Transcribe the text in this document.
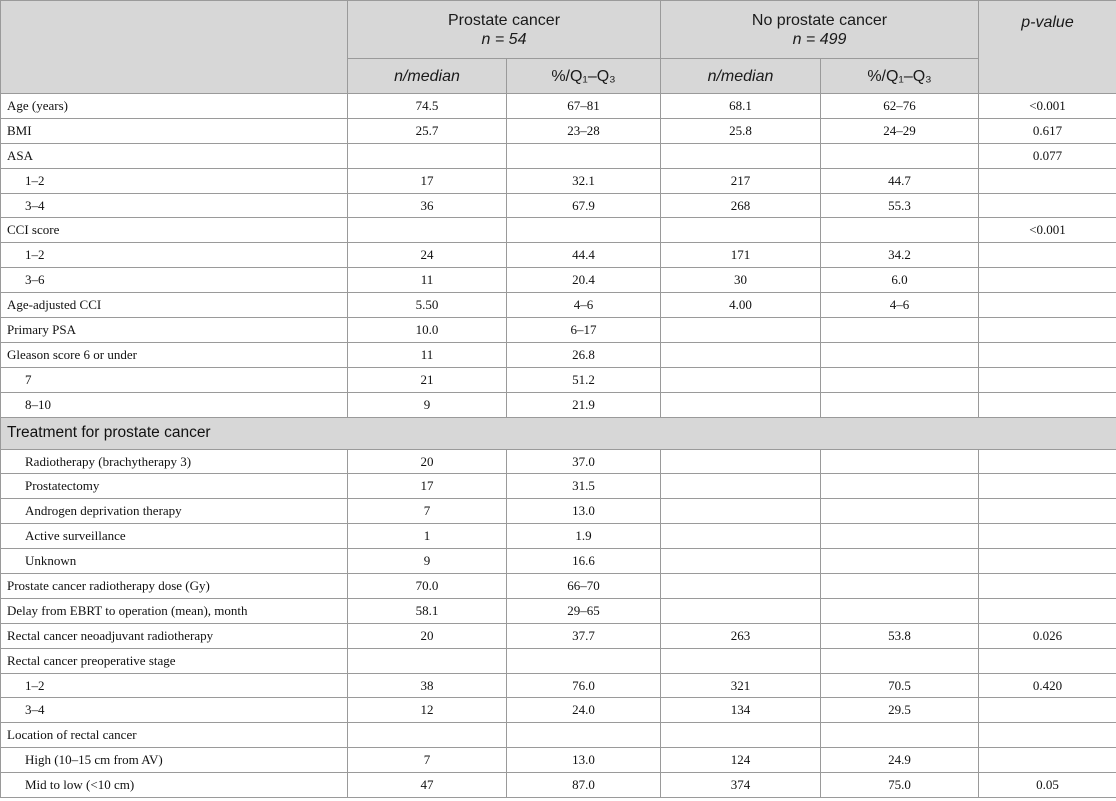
	Prostate cancer
n = 54		No prostate cancer
n = 499		p-value
	n/median	%/Q₁–Q₃	n/median	%/Q₁–Q₃	
Age (years)	74.5	67–81	68.1	62–76	<0.001
BMI	25.7	23–28	25.8	24–29	0.617
ASA					0.077
1–2	17	32.1	217	44.7	
3–4	36	67.9	268	55.3	
CCI score					<0.001
1–2	24	44.4	171	34.2	
3–6	11	20.4	30	6.0	
Age-adjusted CCI	5.50	4–6	4.00	4–6	
Primary PSA	10.0	6–17			
Gleason score 6 or under	11	26.8			
7	21	51.2			
8–10	9	21.9			
Treatment for prostate cancer					
Radiotherapy (brachytherapy 3)	20	37.0			
Prostatectomy	17	31.5			
Androgen deprivation therapy	7	13.0			
Active surveillance	1	1.9			
Unknown	9	16.6			
Prostate cancer radiotherapy dose (Gy)	70.0	66–70			
Delay from EBRT to operation (mean), month	58.1	29–65			
Rectal cancer neoadjuvant radiotherapy	20	37.7	263	53.8	0.026
Rectal cancer preoperative stage					
1–2	38	76.0	321	70.5	0.420
3–4	12	24.0	134	29.5	
Location of rectal cancer					
High (10–15 cm from AV)	7	13.0	124	24.9	
Mid to low (<10 cm)	47	87.0	374	75.0	0.05
